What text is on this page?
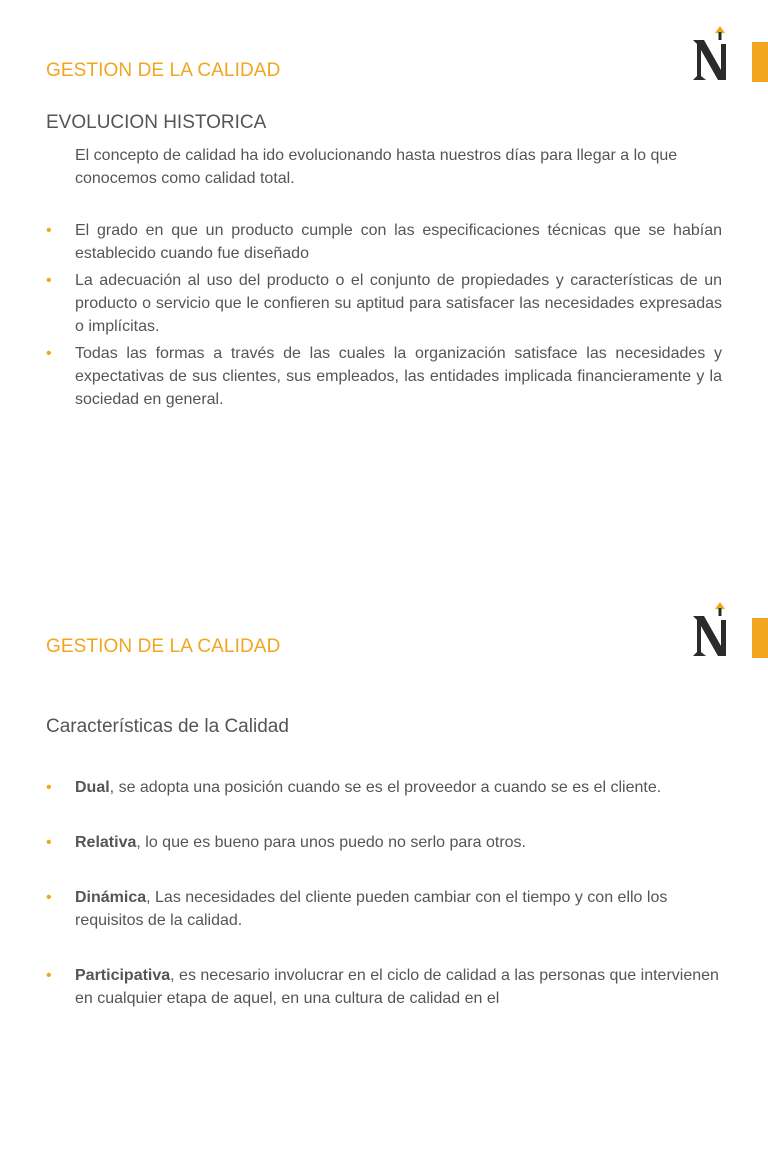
GESTION DE LA CALIDAD
EVOLUCION HISTORICA
El concepto de calidad ha ido evolucionando hasta nuestros días para llegar a lo que conocemos como calidad total.
• El grado en que un producto cumple con las especificaciones técnicas que se habían establecido cuando fue diseñado
• La adecuación al uso del producto o el conjunto de propiedades y características de un producto o servicio que le confieren su aptitud para satisfacer las necesidades expresadas o implícitas.
• Todas las formas a través de las cuales la organización satisface las necesidades y expectativas de sus clientes, sus empleados, las entidades implicada financieramente y la sociedad en general.
GESTION DE LA CALIDAD
Características de la Calidad
• Dual, se adopta una posición cuando se es el proveedor a cuando se es el cliente.
• Relativa, lo que es bueno para unos puedo no serlo para otros.
• Dinámica, Las necesidades del cliente pueden cambiar con el tiempo y con ello los requisitos de la calidad.
• Participativa, es necesario involucrar en el ciclo de calidad a las personas que intervienen en cualquier etapa de aquel, en una cultura de calidad en el
